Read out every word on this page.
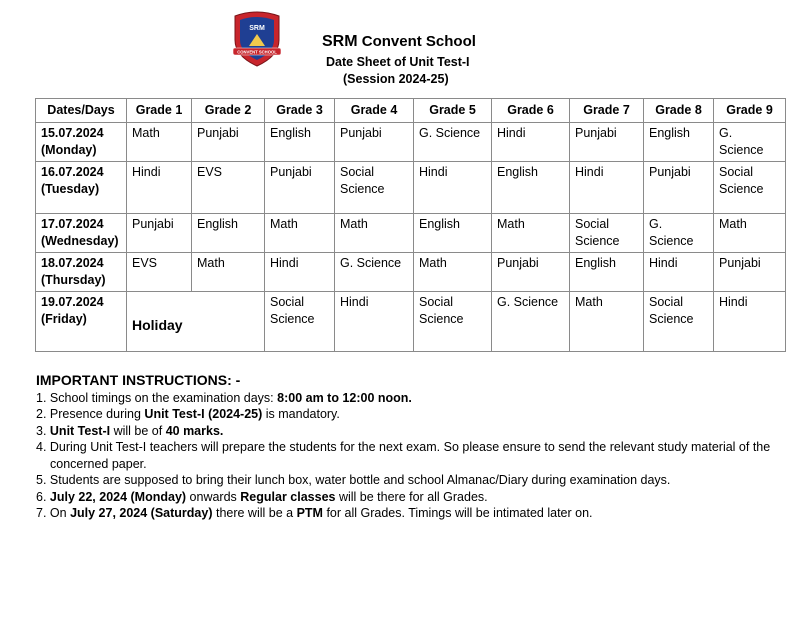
SRM
CONVENT SCHOOL
SRM Convent School
Date Sheet of Unit Test-I
(Session 2024-25)
Dates/Days	Grade 1	Grade 2	Grade 3	Grade 4	Grade 5	Grade 6	Grade 7	Grade 8	Grade 9
15.07.2024
(Monday)	Math	Punjabi	English	Punjabi	G. Science	Hindi	Punjabi	English	G. Science
16.07.2024
(Tuesday)	Hindi	EVS	Punjabi	Social Science	Hindi	English	Hindi	Punjabi	Social Science
17.07.2024
(Wednesday)	Punjabi	English	Math	Math	English	Math	Social Science	G. Science	Math
18.07.2024
(Thursday)	EVS	Math	Hindi	G. Science	Math	Punjabi	English	Hindi	Punjabi
19.07.2024
(Friday)	Holiday		Social Science	Hindi	Social Science	G. Science	Math	Social Science	Hindi
IMPORTANT INSTRUCTIONS: -
1. School timings on the examination days: 8:00 am to 12:00 noon.
2. Presence during Unit Test-I (2024-25) is mandatory.
3. Unit Test-I will be of 40 marks.
4. During Unit Test-I teachers will prepare the students for the next exam. So please ensure to send the relevant study material of the concerned paper.
5. Students are supposed to bring their lunch box, water bottle and school Almanac/Diary during examination days.
6. July 22, 2024 (Monday) onwards Regular classes will be there for all Grades.
7. On July 27, 2024 (Saturday) there will be a PTM for all Grades. Timings will be intimated later on.
